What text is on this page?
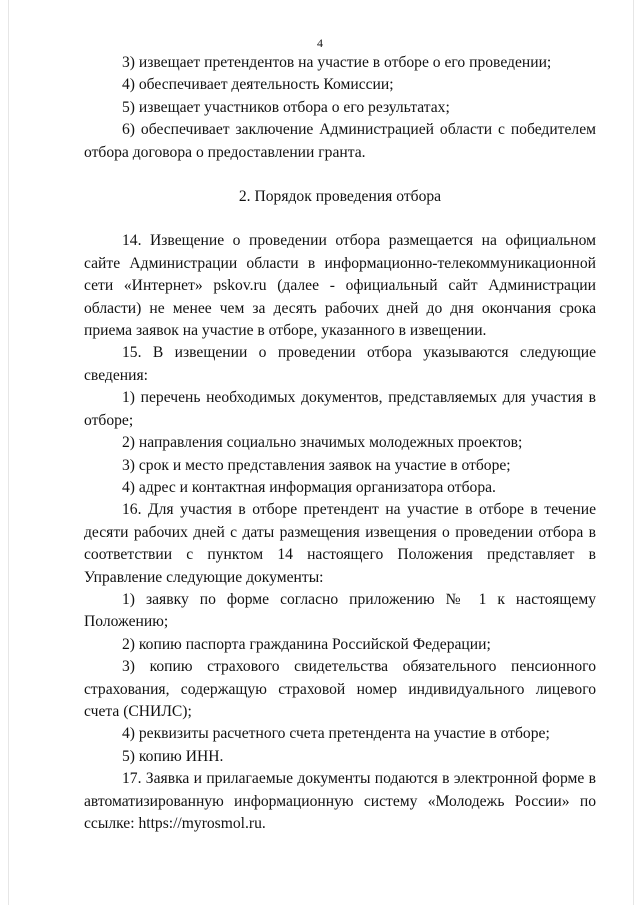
4

3) извещает претендентов на участие в отборе о его проведении;

4) обеспечивает деятельность Комиссии;

5) извещает участников отбора о его результатах;

6) обеспечивает заключение Администрацией области с победителем отбора договора о предоставлении гранта.

2. Порядок проведения отбора

14. Извещение о проведении отбора размещается на официальном сайте Администрации области в информационно-телекоммуникационной сети «Интернет» pskov.ru (далее - официальный сайт Администрации области) не менее чем за десять рабочих дней до дня окончания срока приема заявок на участие в отборе, указанного в извещении.

15. В извещении о проведении отбора указываются следующие сведения:

1) перечень необходимых документов, представляемых для участия в отборе;

2) направления социально значимых молодежных проектов;

3) срок и место представления заявок на участие в отборе;

4) адрес и контактная информация организатора отбора.

16. Для участия в отборе претендент на участие в отборе в течение десяти рабочих дней с даты размещения извещения о проведении отбора в соответствии с пунктом 14 настоящего Положения представляет в Управление следующие документы:

1) заявку по форме согласно приложению № 1 к настоящему Положению;

2) копию паспорта гражданина Российской Федерации;

3) копию страхового свидетельства обязательного пенсионного страхования, содержащую страховой номер индивидуального лицевого счета (СНИЛС);

4) реквизиты расчетного счета претендента на участие в отборе;

5) копию ИНН.

17. Заявка и прилагаемые документы подаются в электронной форме в автоматизированную информационную систему «Молодежь России» по ссылке: https://myrosmol.ru.
